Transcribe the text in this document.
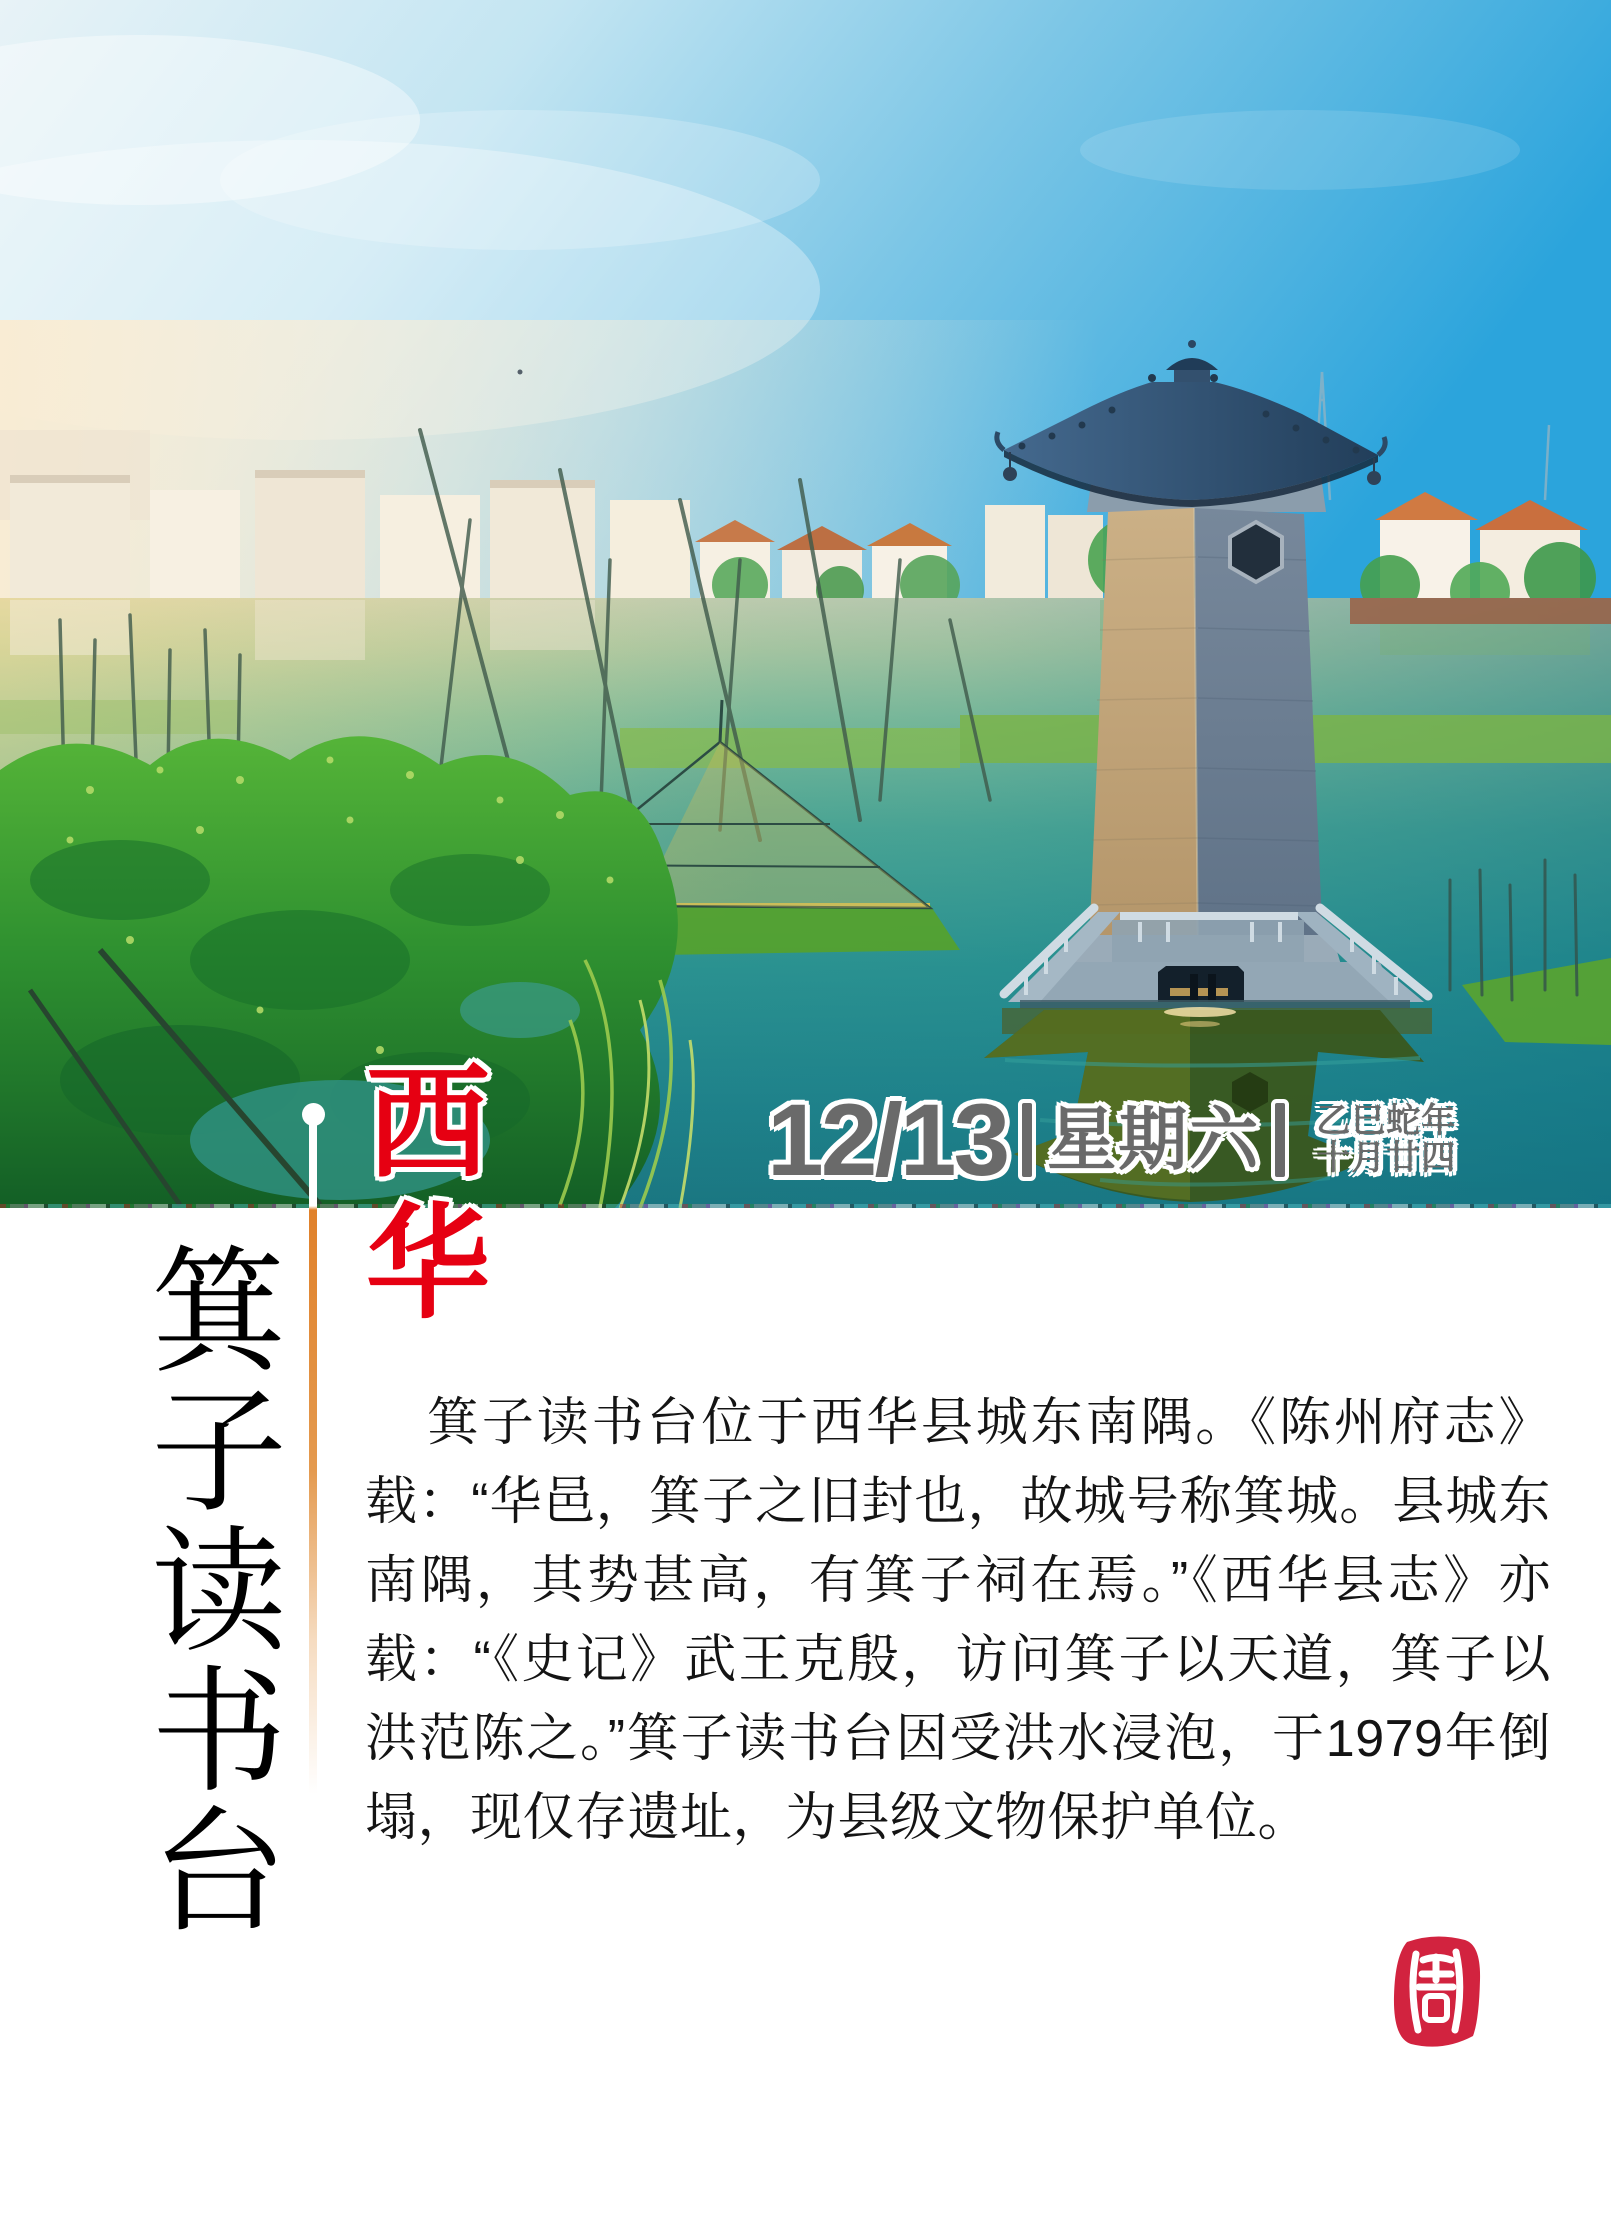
12/13 星期六 乙巳蛇年
十月廿四
西
华
箕
子
读
书
台

箕子读书台位于西华县城东南隅。《陈州府志》载：“华邑，箕子之旧封也，故城号称箕城。县城东南隅，其势甚高，有箕子祠在焉。”《西华县志》亦载：“《史记》武王克殷，访问箕子以天道，箕子以洪范陈之。”箕子读书台因受洪水浸泡，于1979年倒塌，现仅存遗址，为县级文物保护单位。
